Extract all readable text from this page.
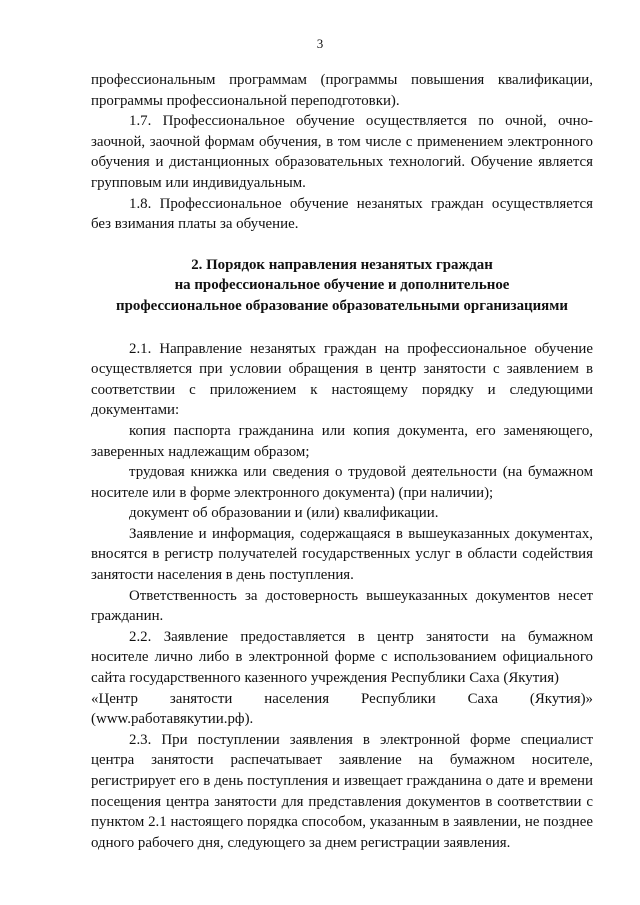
3

профессиональным программам (программы повышения квалификации, программы профессиональной переподготовки).

1.7. Профессиональное обучение осуществляется по очной, очно-заочной, заочной формам обучения, в том числе с применением электронного обучения и дистанционных образовательных технологий. Обучение является групповым или индивидуальным.

1.8. Профессиональное обучение незанятых граждан осуществляется без взимания платы за обучение.

2. Порядок направления незанятых граждан
на профессиональное обучение и дополнительное
профессиональное образование образовательными организациями

2.1. Направление незанятых граждан на профессиональное обучение осуществляется при условии обращения в центр занятости с заявлением в соответствии с приложением к настоящему порядку и следующими документами:

копия паспорта гражданина или копия документа, его заменяющего, заверенных надлежащим образом;

трудовая книжка или сведения о трудовой деятельности (на бумажном носителе или в форме электронного документа) (при наличии);

документ об образовании и (или) квалификации.

Заявление и информация, содержащаяся в вышеуказанных документах, вносятся в регистр получателей государственных услуг в области содействия занятости населения в день поступления.

Ответственность за достоверность вышеуказанных документов несет гражданин.

2.2. Заявление предоставляется в центр занятости на бумажном носителе лично либо в электронной форме с использованием официального сайта государственного казенного учреждения Республики Саха (Якутия)

«Центр занятости населения Республики Саха (Якутия)»

(www.работавякутии.рф).

2.3. При поступлении заявления в электронной форме специалист центра занятости распечатывает заявление на бумажном носителе, регистрирует его в день поступления и извещает гражданина о дате и времени посещения центра занятости для представления документов в соответствии с пунктом 2.1 настоящего порядка способом, указанным в заявлении, не позднее одного рабочего дня, следующего за днем регистрации заявления.
